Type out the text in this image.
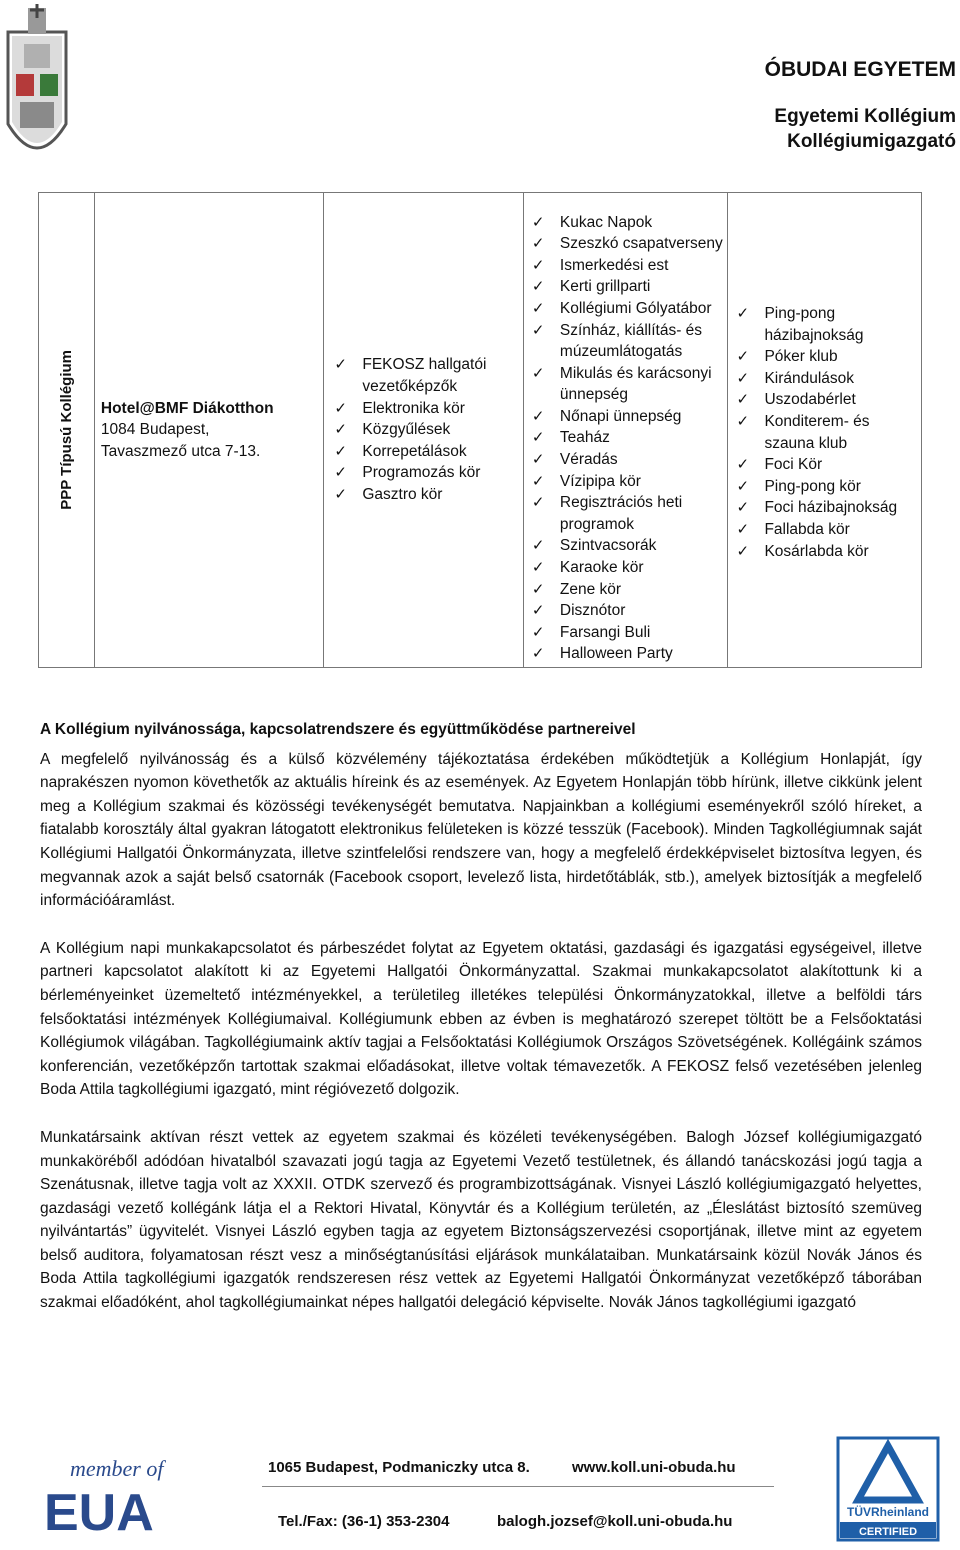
ÓBUDAI EGYETEM
Egyetemi Kollégium
Kollégiumigazgató
PPP Típusú Kollégium Hotel@BMF Diákotthon
1084 Budapest,
Tavaszmező utca 7-13.
✓ FEKOSZ hallgatói vezetőképzők
✓ Elektronika kör
✓ Közgyűlések
✓ Korrepetálások
✓ Programozás kör
✓ Gasztro kör
✓ Kukac Napok
✓ Szeszkó csapatverseny
✓ Ismerkedési est
✓ Kerti grillparti
✓ Kollégiumi Gólyatábor
✓ Színház, kiállítás- és múzeumlátogatás
✓ Mikulás és karácsonyi ünnepség
✓ Nőnapi ünnepség
✓ Teaház
✓ Véradás
✓ Vízipipa kör
✓ Regisztrációs heti programok
✓ Szintvacsorák
✓ Karaoke kör
✓ Zene kör
✓ Disznótor
✓ Farsangi Buli
✓ Halloween Party
✓ Ping-pong házibajnokság
✓ Póker klub
✓ Kirándulások
✓ Uszodabérlet
✓ Konditerem- és szauna klub
✓ Foci Kör
✓ Ping-pong kör
✓ Foci házibajnokság
✓ Fallabda kör
✓ Kosárlabda kör
A Kollégium nyilvánossága, kapcsolatrendszere és együttműködése partnereivel

A megfelelő nyilvánosság és a külső közvélemény tájékoztatása érdekében működtetjük a Kollégium Honlapját, így naprakészen nyomon követhetők az aktuális híreink és az események. Az Egyetem Honlapján több hírünk, illetve cikkünk jelent meg a Kollégium szakmai és közösségi tevékenységét bemutatva. Napjainkban a kollégiumi eseményekről szóló híreket, a fiatalabb korosztály által gyakran látogatott elektronikus felületeken is közzé tesszük (Facebook). Minden Tagkollégiumnak saját Kollégiumi Hallgatói Önkormányzata, illetve szintfelelősi rendszere van, hogy a megfelelő érdekképviselet biztosítva legyen, és megvannak azok a saját belső csatornák (Facebook csoport, levelező lista, hirdetőtáblák, stb.), amelyek biztosítják a megfelelő információáramlást.

A Kollégium napi munkakapcsolatot és párbeszédet folytat az Egyetem oktatási, gazdasági és igazgatási egységeivel, illetve partneri kapcsolatot alakított ki az Egyetemi Hallgatói Önkormányzattal. Szakmai munkakapcsolatot alakítottunk ki a bérleményeinket üzemeltető intézményekkel, a területileg illetékes települési Önkormányzatokkal, illetve a belföldi társ felsőoktatási intézmények Kollégiumaival. Kollégiumunk ebben az évben is meghatározó szerepet töltött be a Felsőoktatási Kollégiumok világában. Tagkollégiumaink aktív tagjai a Felsőoktatási Kollégiumok Országos Szövetségének. Kollégáink számos konferencián, vezetőképzőn tartottak szakmai előadásokat, illetve voltak témavezetők. A FEKOSZ felső vezetésében jelenleg Boda Attila tagkollégiumi igazgató, mint régióvezető dolgozik.

Munkatársaink aktívan részt vettek az egyetem szakmai és közéleti tevékenységében. Balogh József kollégiumigazgató munkaköréből adódóan hivatalból szavazati jogú tagja az Egyetemi Vezető testületnek, és állandó tanácskozási jogú tagja a Szenátusnak, illetve tagja volt az XXXII. OTDK szervező és programbizottságának. Visnyei László kollégiumigazgató helyettes, gazdasági vezető kollégánk látja el a Rektori Hivatal, Könyvtár és a Kollégium területén, az „Éleslátást biztosító szemüveg nyilvántartás” ügyvitelét. Visnyei László egyben tagja az egyetem Biztonságszervezési csoportjának, illetve mint az egyetem belső auditora, folyamatosan részt vesz a minőségtanúsítási eljárások munkálataiban. Munkatársaink közül Novák János és Boda Attila tagkollégiumi igazgatók rendszeresen rész vettek az Egyetemi Hallgatói Önkormányzat vezetőképző táborában szakmai előadóként, ahol tagkollégiumainkat népes hallgatói delegáció képviselte. Novák János tagkollégiumi igazgató

member of
EUA
1065 Budapest, Podmaniczky utca 8.	www.koll.uni-obuda.hu
Tel./Fax: (36-1) 353-2304	balogh.jozsef@koll.uni-obuda.hu
TÜVRheinland
CERTIFIED
